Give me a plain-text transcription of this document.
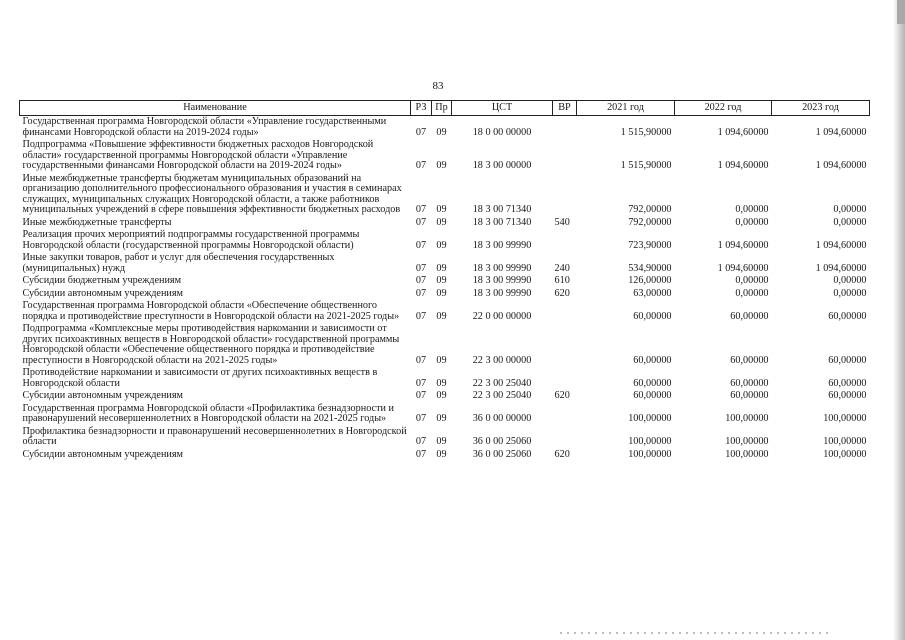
83
Наименование	РЗ	Пр	ЦСТ	ВР	2021 год	2022 год	2023 год
Государственная программа Новгородской области «Управление государственными финансами Новгородской области на 2019-2024 годы»	07	09	18 0 00 00000		1 515,90000	1 094,60000	1 094,60000
Подпрограмма «Повышение эффективности бюджетных расходов Новгородской области» государственной программы Новгородской области «Управление государственными финансами Новгородской области на 2019-2024 годы»	07	09	18 3 00 00000		1 515,90000	1 094,60000	1 094,60000
Иные межбюджетные трансферты бюджетам муниципальных образований на организацию дополнительного профессионального образования и участия в семинарах служащих, муниципальных служащих Новгородской области, а также работников муниципальных учреждений в сфере повышения эффективности бюджетных расходов	07	09	18 3 00 71340		792,00000	0,00000	0,00000
Иные межбюджетные трансферты	07	09	18 3 00 71340	540	792,00000	0,00000	0,00000
Реализация прочих мероприятий подпрограммы государственной программы Новгородской области (государственной программы Новгородской области)	07	09	18 3 00 99990		723,90000	1 094,60000	1 094,60000
Иные закупки товаров, работ и услуг для обеспечения государственных (муниципальных) нужд	07	09	18 3 00 99990	240	534,90000	1 094,60000	1 094,60000
Субсидии бюджетным учреждениям	07	09	18 3 00 99990	610	126,00000	0,00000	0,00000
Субсидии автономным учреждениям	07	09	18 3 00 99990	620	63,00000	0,00000	0,00000
Государственная программа Новгородской области «Обеспечение общественного порядка и противодействие преступности в Новгородской области на 2021-2025 годы»	07	09	22 0 00 00000		60,00000	60,00000	60,00000
Подпрограмма «Комплексные меры противодействия наркомании и зависимости от других психоактивных веществ в Новгородской области» государственной программы Новгородской области «Обеспечение общественного порядка и противодействие преступности в Новгородской области на 2021-2025 годы»	07	09	22 3 00 00000		60,00000	60,00000	60,00000
Противодействие наркомании и зависимости от других психоактивных веществ в Новгородской области	07	09	22 3 00 25040		60,00000	60,00000	60,00000
Субсидии автономным учреждениям	07	09	22 3 00 25040	620	60,00000	60,00000	60,00000
Государственная программа Новгородской области «Профилактика безнадзорности и правонарушений несовершеннолетних в Новгородской области на 2021-2025 годы»	07	09	36 0 00 00000		100,00000	100,00000	100,00000
Профилактика безнадзорности и правонарушений несовершеннолетних в Новгородской области	07	09	36 0 00 25060		100,00000	100,00000	100,00000
Субсидии автономным учреждениям	07	09	36 0 00 25060	620	100,00000	100,00000	100,00000
